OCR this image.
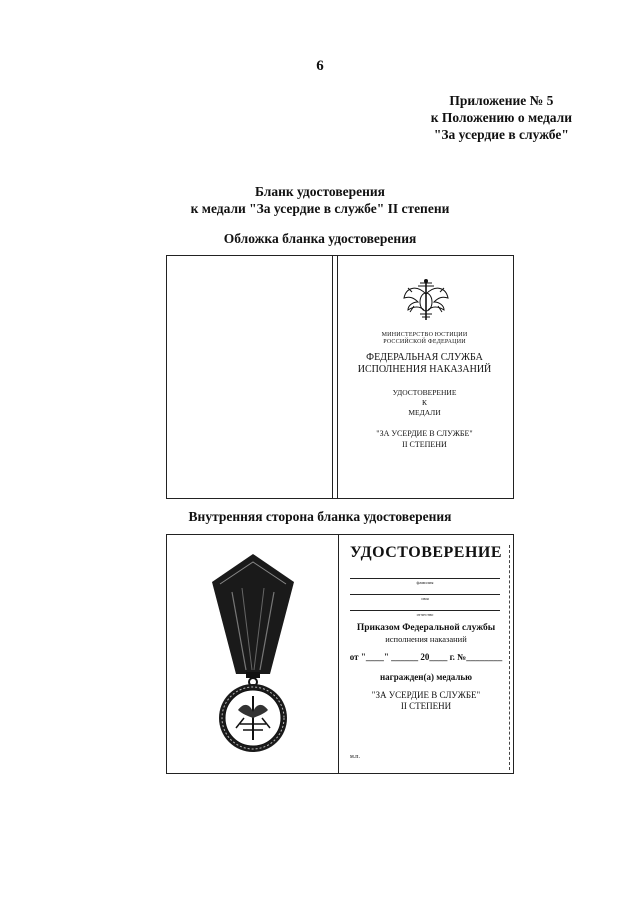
6
Приложение № 5
к Положению о медали
"За усердие в службе"
Бланк удостоверения
к медали "За усердие в службе" II степени
Обложка бланка удостоверения
МИНИСТЕРСТВО ЮСТИЦИИ
РОССИЙСКОЙ ФЕДЕРАЦИИ
ФЕДЕРАЛЬНАЯ СЛУЖБА
ИСПОЛНЕНИЯ НАКАЗАНИЙ
УДОСТОВЕРЕНИЕ
К
МЕДАЛИ
"ЗА УСЕРДИЕ В СЛУЖБЕ"
II СТЕПЕНИ
Внутренняя сторона бланка удостоверения
УДОСТОВЕРЕНИЕ
фамилия
имя
отчество
Приказом Федеральной службы
исполнения наказаний
от "____" ______ 20____ г. №________
награжден(а) медалью
"ЗА УСЕРДИЕ В СЛУЖБЕ"
II СТЕПЕНИ
м.п.
